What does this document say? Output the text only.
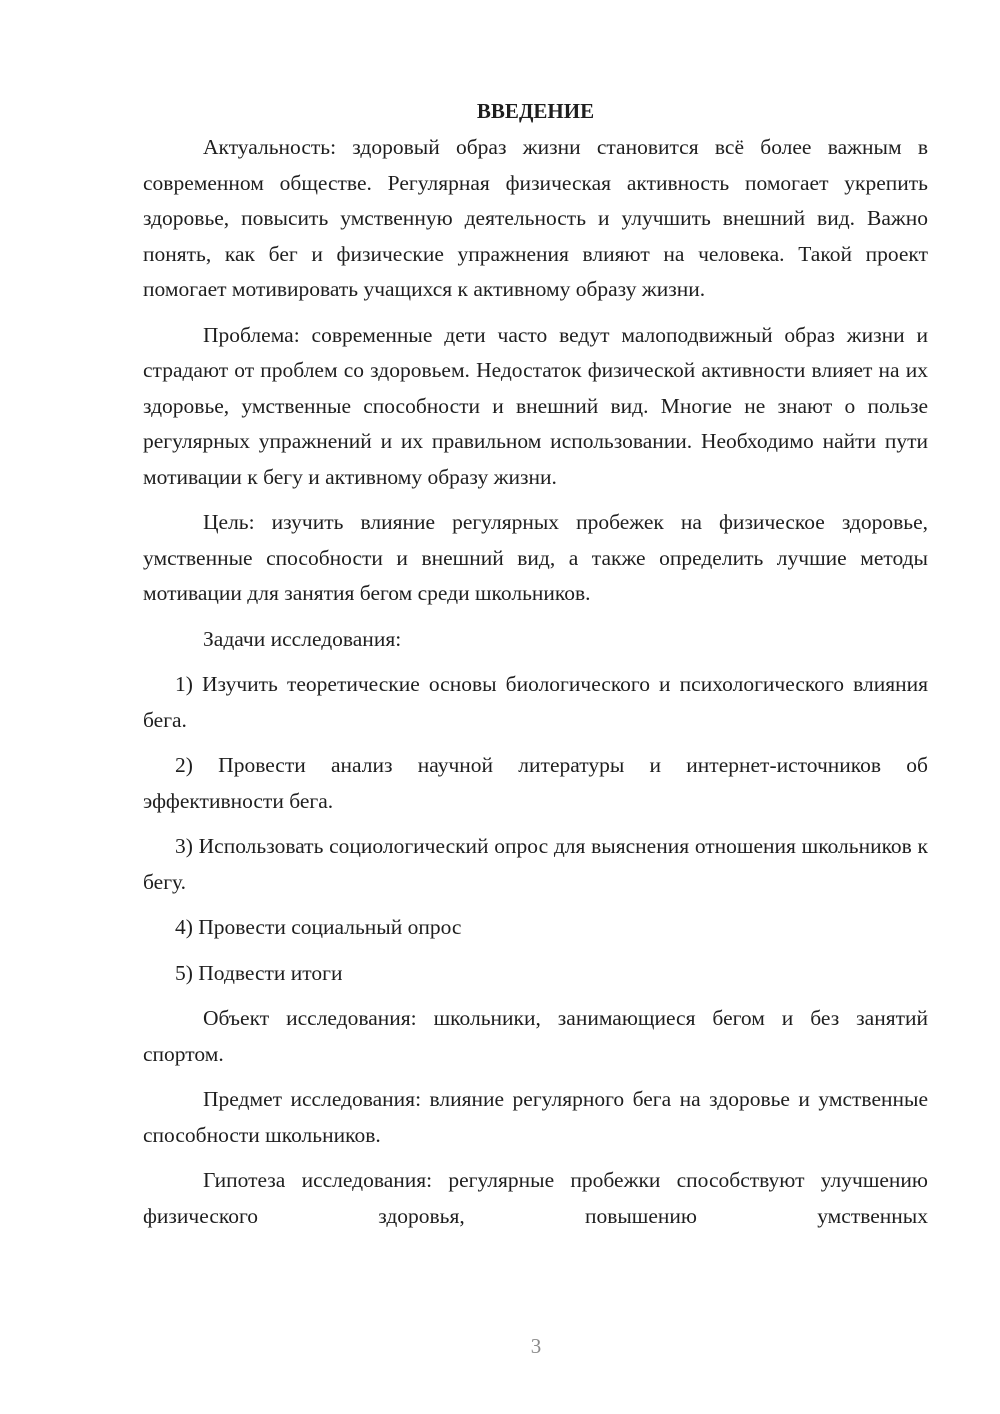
ВВЕДЕНИЕ

Актуальность: здоровый образ жизни становится всё более важным в современном обществе. Регулярная физическая активность помогает укрепить здоровье, повысить умственную деятельность и улучшить внешний вид. Важно понять, как бег и физические упражнения влияют на человека. Такой проект помогает мотивировать учащихся к активному образу жизни.

Проблема: современные дети часто ведут малоподвижный образ жизни и страдают от проблем со здоровьем. Недостаток физической активности влияет на их здоровье, умственные способности и внешний вид. Многие не знают о пользе регулярных упражнений и их правильном использовании. Необходимо найти пути мотивации к бегу и активному образу жизни.

Цель: изучить влияние регулярных пробежек на физическое здоровье, умственные способности и внешний вид, а также определить лучшие методы мотивации для занятия бегом среди школьников.

Задачи исследования:

1) Изучить теоретические основы биологического и психологического влияния бега.

2) Провести анализ научной литературы и интернет-источников об эффективности бега.

3) Использовать социологический опрос для выяснения отношения школьников к бегу.

4) Провести социальный опрос

5) Подвести итоги

Объект исследования: школьники, занимающиеся бегом и без занятий спортом.

Предмет исследования: влияние регулярного бега на здоровье и умственные способности школьников.

Гипотеза исследования: регулярные пробежки способствуют улучшению физического здоровья, повышению умственных

3
